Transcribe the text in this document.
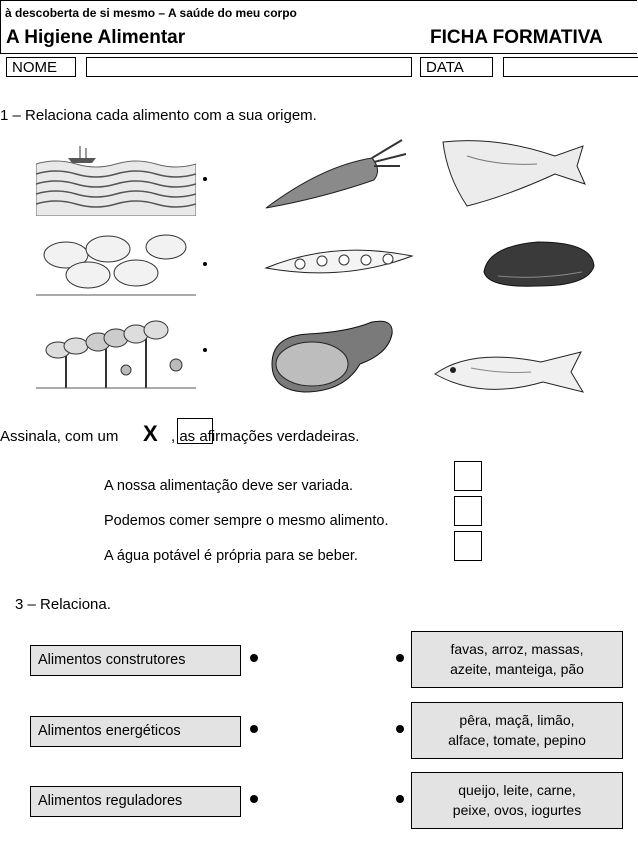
à descoberta de si mesmo – A saúde do meu corpo
A Higiene Alimentar	FICHA FORMATIVA
NOME	DATA
1 – Relaciona cada alimento com a sua origem.
Assinala, com um X , as afirmações verdadeiras.
A nossa alimentação deve ser variada.
Podemos comer sempre o mesmo alimento.
A água potável é própria para se beber.
3 – Relaciona.
Alimentos construtores
Alimentos energéticos
Alimentos reguladores
favas, arroz, massas,
azeite, manteiga, pão
pêra, maçã, limão,
alface, tomate, pepino
queijo, leite, carne,
peixe, ovos, iogurtes
